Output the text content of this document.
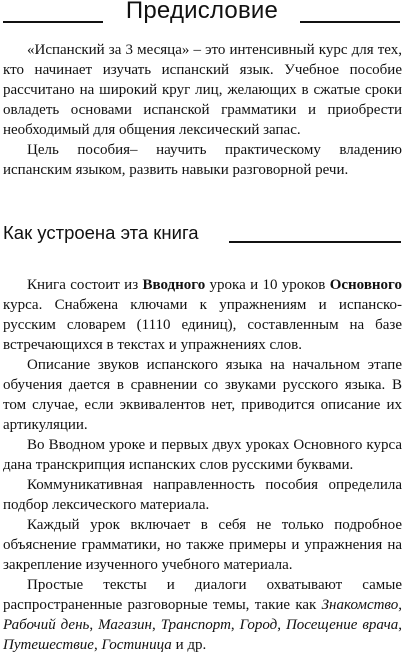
Предисловие

«Испанский за 3 месяца» – это интенсивный курс для тех, кто начинает изучать испанский язык. Учебное пособие рассчитано на широкий круг лиц, желающих в сжатые сроки овладеть основами испанской грамматики и приобрести необходимый для общения лексический запас.

Цель пособия– научить практическому владению испанским языком, развить навыки разговорной речи.

Как устроена эта книга

Книга состоит из Вводного урока и 10 уроков Основного курса. Снабжена ключами к упражнениям и испанско-русским словарем (1110 единиц), составленным на базе встречающихся в текстах и упражнениях слов.

Описание звуков испанского языка на начальном этапе обучения дается в сравнении со звуками русского языка. В том случае, если эквивалентов нет, приводится описание их артикуляции.

Во Вводном уроке и первых двух уроках Основного курса дана транскрипция испанских слов русскими буквами.

Коммуникативная направленность пособия определила подбор лексического материала.

Каждый урок включает в себя не только подробное объяснение грамматики, но также примеры и упражнения на закрепление изученного учебного материала.

Простые тексты и диалоги охватывают самые распространенные разговорные темы, такие как Знакомство, Рабочий день, Магазин, Транспорт, Город, Посещение врача, Путешествие, Гостиница и др.
